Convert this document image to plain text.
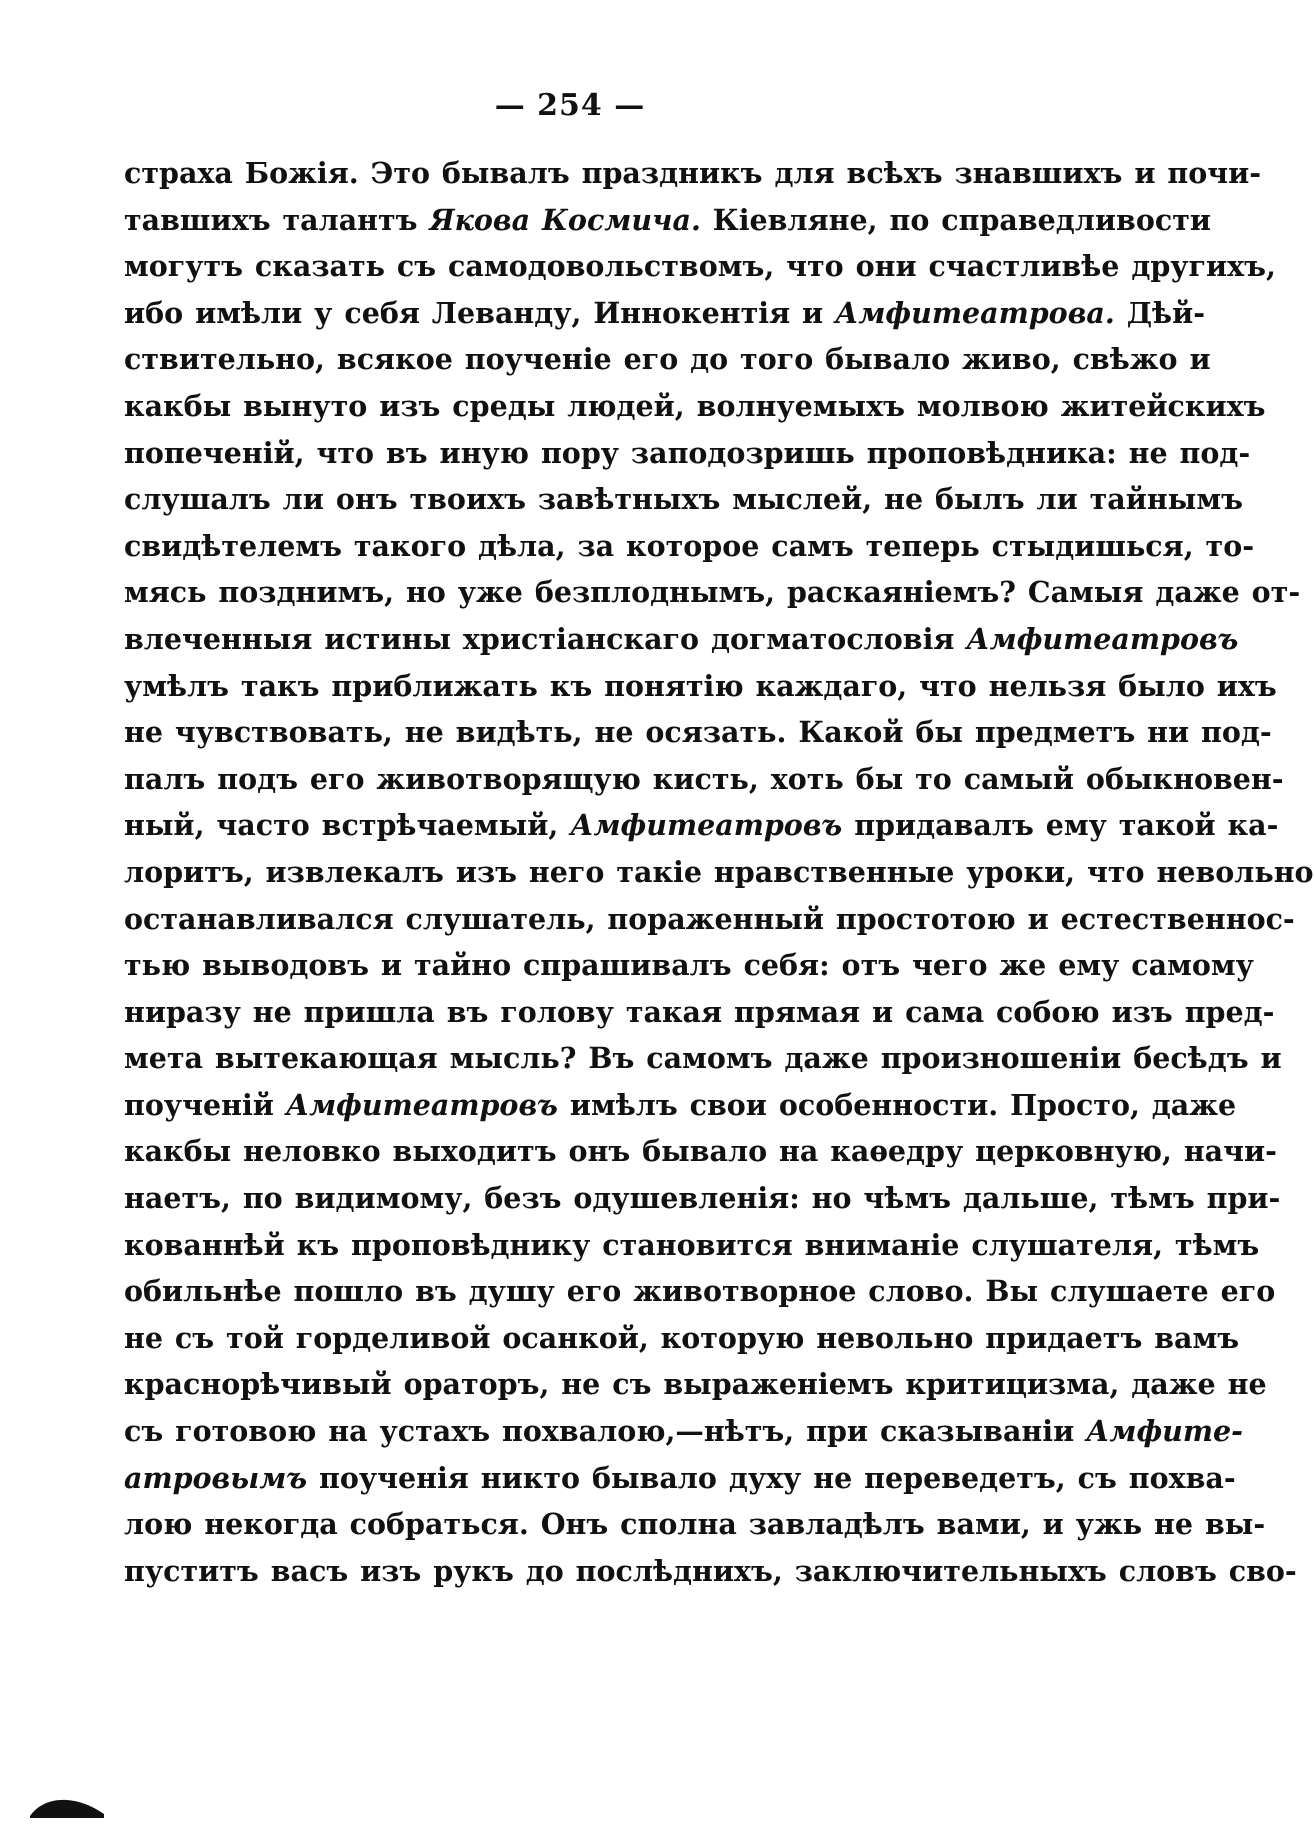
— 254 —
страха Божія. Это бывалъ праздникъ для всѣхъ знавшихъ и почи-
тавшихъ талантъ Якова Космича. Кіевляне, по справедливости
могутъ сказать съ самодовольствомъ, что они счастливѣе другихъ,
ибо имѣли у себя Леванду, Иннокентія и Амфитеатрова. Дѣй-
ствительно, всякое поученіе его до того бывало живо, свѣжо и
какбы вынуто изъ среды людей, волнуемыхъ молвою житейскихъ
попеченій, что въ иную пору заподозришь проповѣдника: не под-
слушалъ ли онъ твоихъ завѣтныхъ мыслей, не былъ ли тайнымъ
свидѣтелемъ такого дѣла, за которое самъ теперь стыдишься, то-
мясь позднимъ, но уже безплоднымъ, раскаяніемъ? Самыя даже от-
влеченныя истины христіанскаго догматословія Амфитеатровъ
умѣлъ такъ приближать къ понятію каждаго, что нельзя было ихъ
не чувствовать, не видѣть, не осязать. Какой бы предметъ ни под-
палъ подъ его животворящую кисть, хоть бы то самый обыкновен-
ный, часто встрѣчаемый, Амфитеатровъ придавалъ ему такой ка-
лоритъ, извлекалъ изъ него такіе нравственные уроки, что невольно
останавливался слушатель, пораженный простотою и естественнос-
тью выводовъ и тайно спрашивалъ себя: отъ чего же ему самому
ниразу не пришла въ голову такая прямая и сама собою изъ пред-
мета вытекающая мысль? Въ самомъ даже произношеніи бесѣдъ и
поученій Амфитеатровъ имѣлъ свои особенности. Просто, даже
какбы неловко выходитъ онъ бывало на каѳедру церковную, начи-
наетъ, по видимому, безъ одушевленія: но чѣмъ дальше, тѣмъ при-
кованнѣй къ проповѣднику становится вниманіе слушателя, тѣмъ
обильнѣе пошло въ душу его животворное слово. Вы слушаете его
не съ той горделивой осанкой, которую невольно придаетъ вамъ
краснорѣчивый ораторъ, не съ выраженіемъ критицизма, даже не
съ готовою на устахъ похвалою,—нѣтъ, при сказываніи Амфите-
атровымъ поученія никто бывало духу не переведетъ, съ похва-
лою некогда собраться. Онъ сполна завладѣлъ вами, и ужь не вы-
пуститъ васъ изъ рукъ до послѣднихъ, заключительныхъ словъ сво-
